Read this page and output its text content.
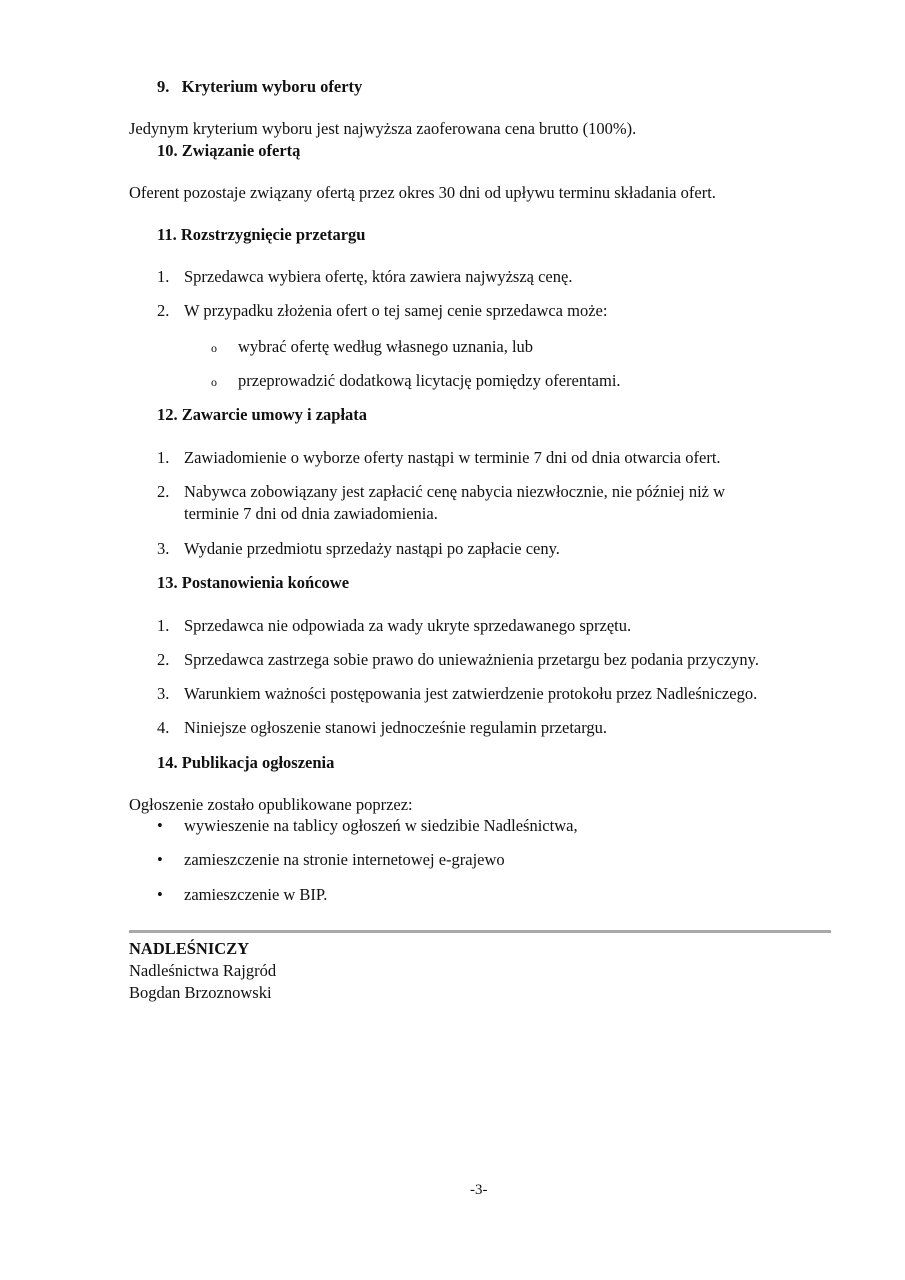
9. Kryterium wyboru oferty
Jedynym kryterium wyboru jest najwyższa zaoferowana cena brutto (100%).
10. Związanie ofertą
Oferent pozostaje związany ofertą przez okres 30 dni od upływu terminu składania ofert.
11. Rozstrzygnięcie przetargu
1. Sprzedawca wybiera ofertę, która zawiera najwyższą cenę.
2. W przypadku złożenia ofert o tej samej cenie sprzedawca może:
o wybrać ofertę według własnego uznania, lub
o przeprowadzić dodatkową licytację pomiędzy oferentami.
12. Zawarcie umowy i zapłata
1. Zawiadomienie o wyborze oferty nastąpi w terminie 7 dni od dnia otwarcia ofert.
2. Nabywca zobowiązany jest zapłacić cenę nabycia niezwłocznie, nie później niż w
terminie 7 dni od dnia zawiadomienia.
3. Wydanie przedmiotu sprzedaży nastąpi po zapłacie ceny.
13. Postanowienia końcowe
1. Sprzedawca nie odpowiada za wady ukryte sprzedawanego sprzętu.
2. Sprzedawca zastrzega sobie prawo do unieważnienia przetargu bez podania przyczyny.
3. Warunkiem ważności postępowania jest zatwierdzenie protokołu przez Nadleśniczego.
4. Niniejsze ogłoszenie stanowi jednocześnie regulamin przetargu.
14. Publikacja ogłoszenia
Ogłoszenie zostało opublikowane poprzez:
• wywieszenie na tablicy ogłoszeń w siedzibie Nadleśnictwa,
• zamieszczenie na stronie internetowej e-grajewo
• zamieszczenie w BIP.
NADLEŚNICZY
Nadleśnictwa Rajgród
Bogdan Brzoznowski
-3-
